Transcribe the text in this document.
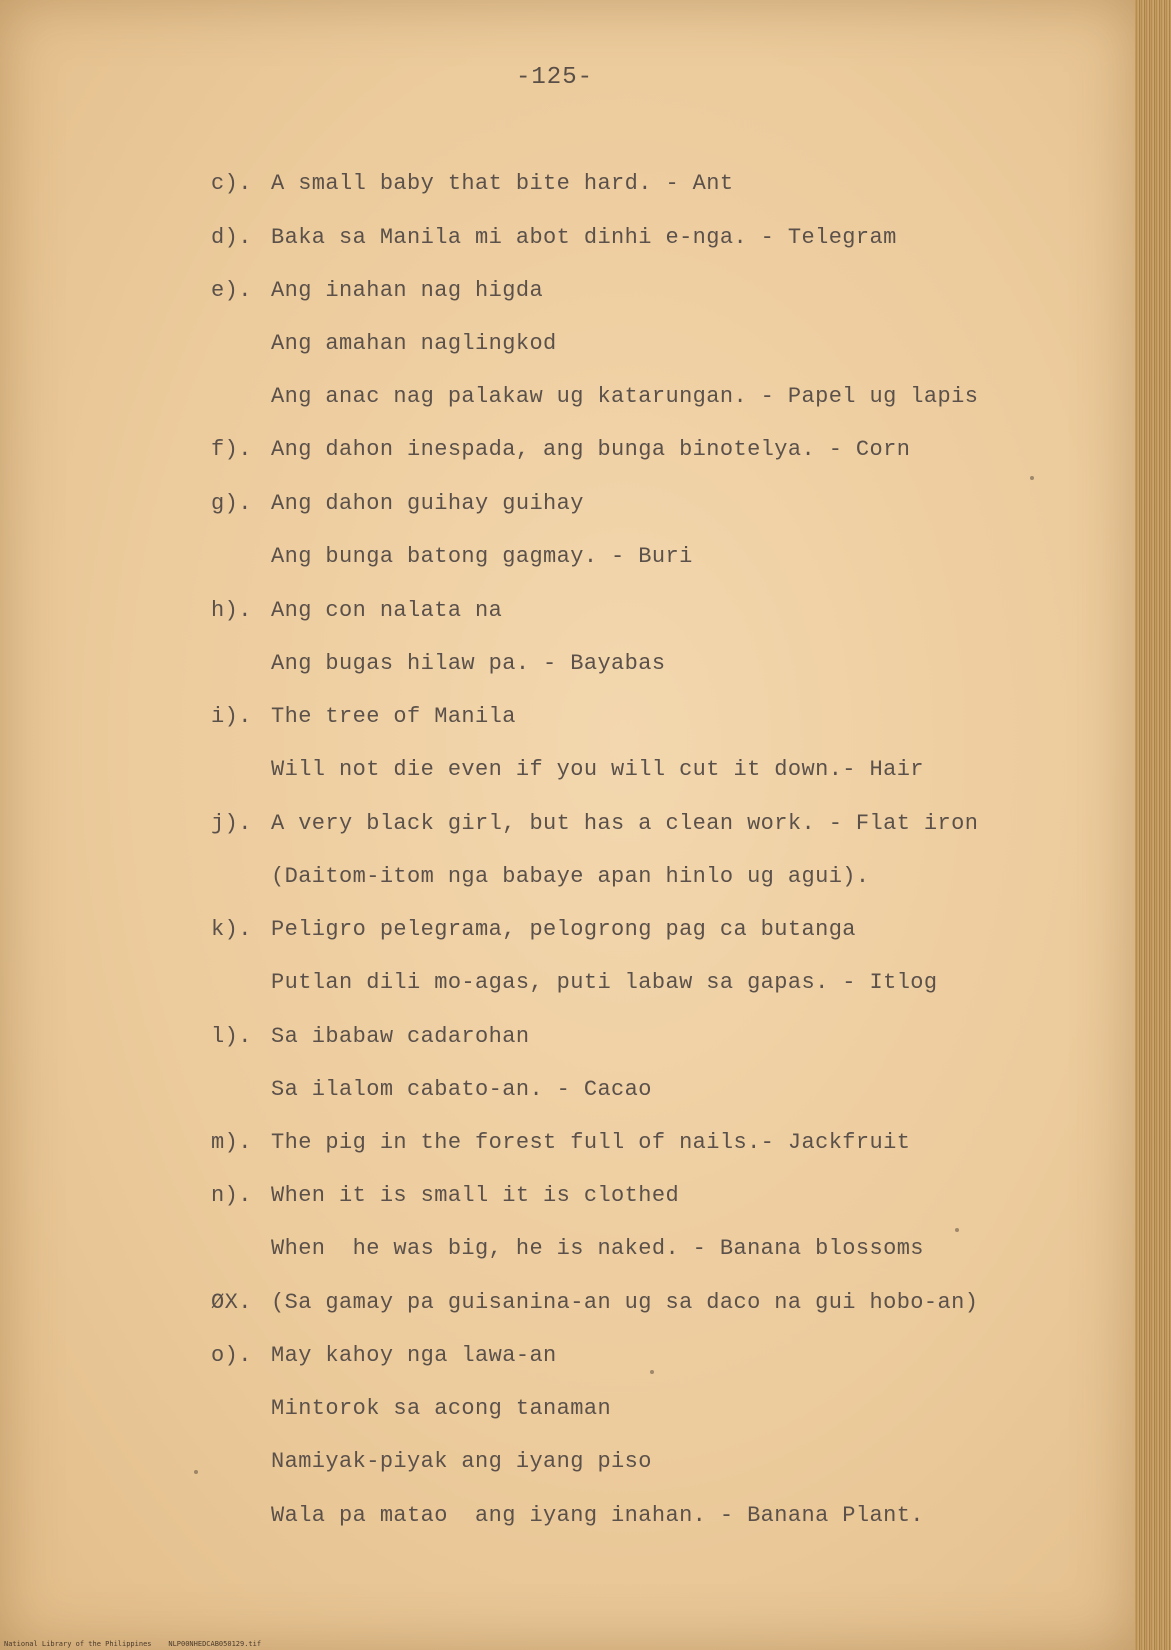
-125-

c). A small baby that bite hard. - Ant

d). Baka sa Manila mi abot dinhi e-nga. - Telegram

e). Ang inahan nag higda

Ang amahan naglingkod

Ang anac nag palakaw ug katarungan. - Papel ug lapis

f). Ang dahon inespada, ang bunga binotelya. - Corn

g). Ang dahon guihay guihay

Ang bunga batong gagmay. - Buri

h). Ang con nalata na

Ang bugas hilaw pa. - Bayabas

i). The tree of Manila

Will not die even if you will cut it down.- Hair

j). A very black girl, but has a clean work. - Flat iron

(Daitom-itom nga babaye apan hinlo ug agui).

k). Peligro pelegrama, pelogrong pag ca butanga

Putlan dili mo-agas, puti labaw sa gapas. - Itlog

l). Sa ibabaw cadarohan

Sa ilalom cabato-an. - Cacao

m). The pig in the forest full of nails.- Jackfruit

n). When it is small it is clothed

When  he was big, he is naked. - Banana blossoms

ØX. (Sa gamay pa guisanina-an ug sa daco na gui hobo-an)

o). May kahoy nga lawa-an

Mintorok sa acong tanaman

Namiyak-piyak ang iyang piso

Wala pa matao  ang iyang inahan. - Banana Plant.

National Library of the Philippines    NLP00NHEDCAB050129.tif
